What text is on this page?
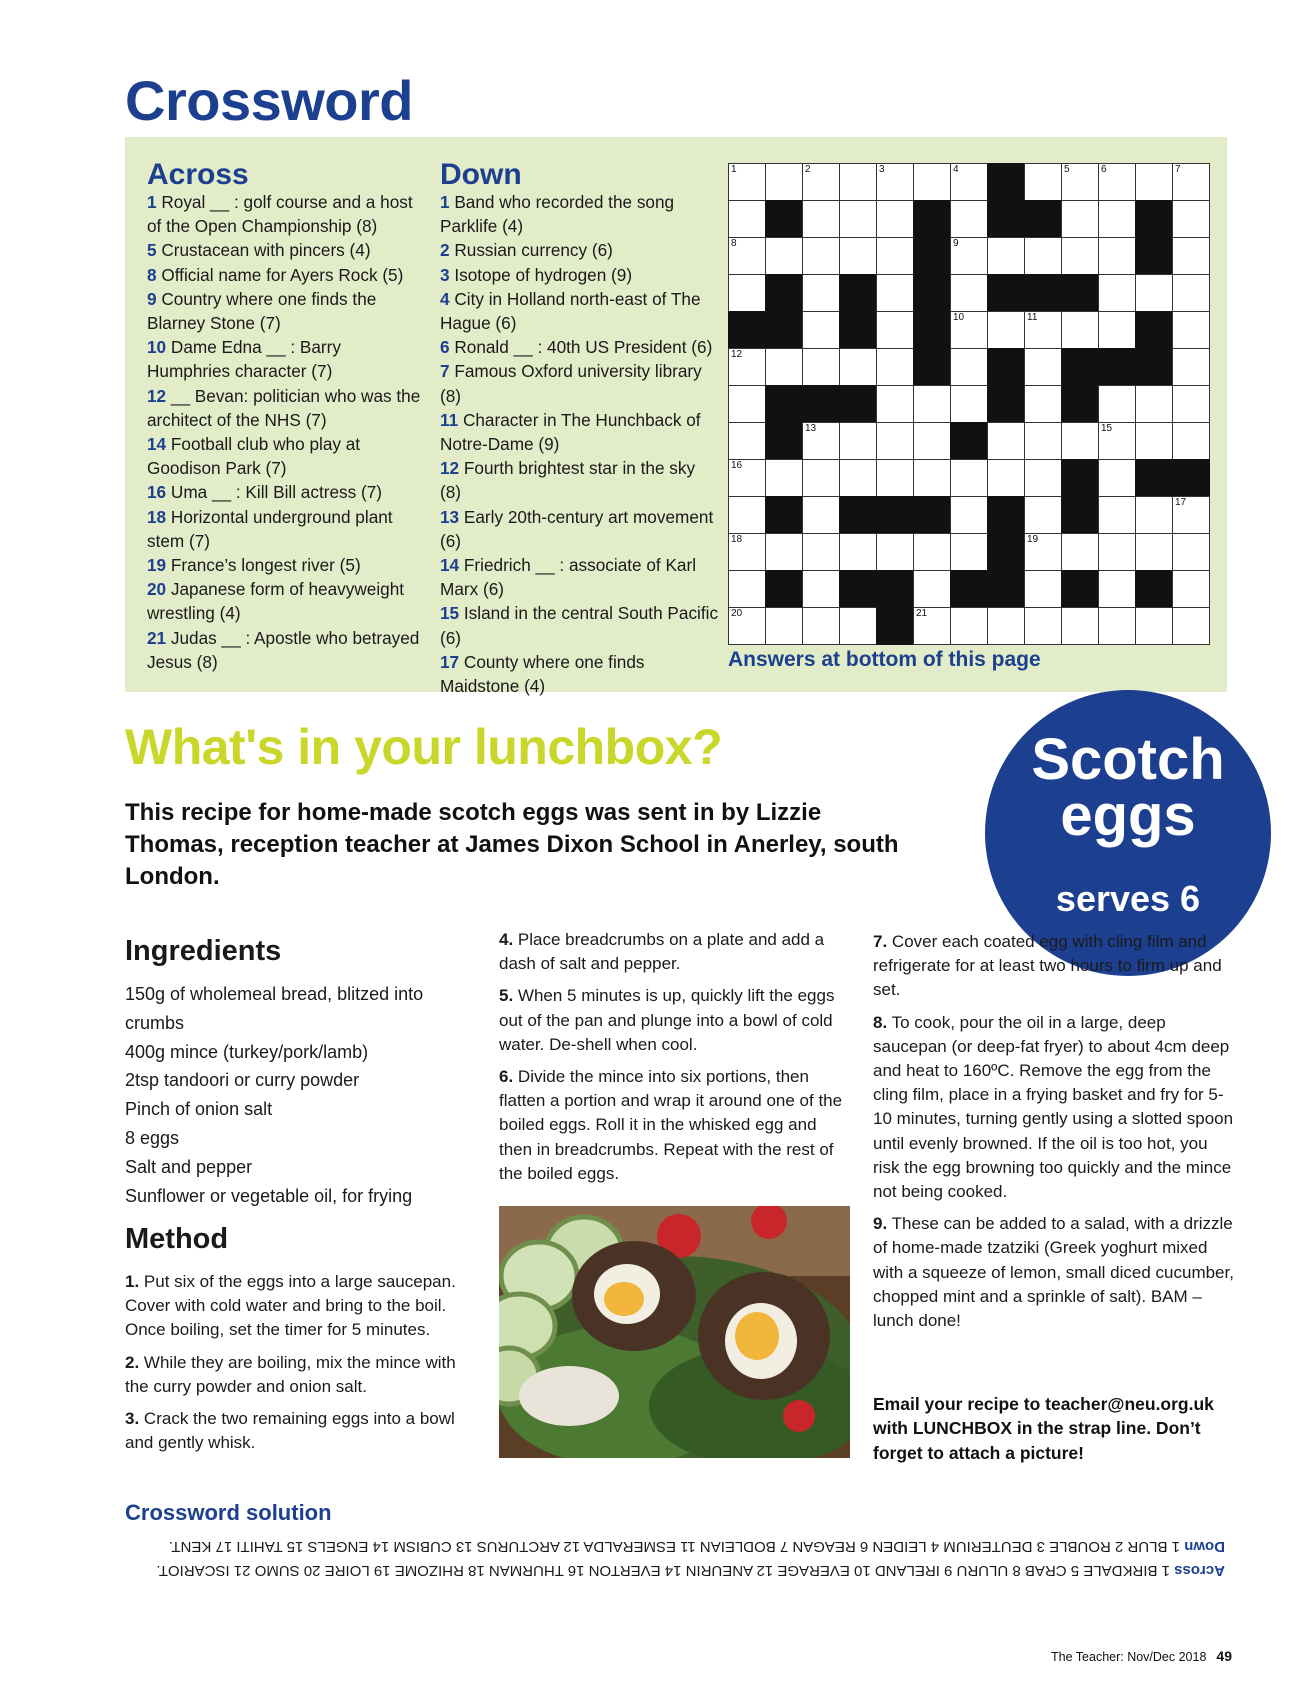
Crossword
Across
1 Royal __ : golf course and a host of the Open Championship (8)
5 Crustacean with pincers (4)
8 Official name for Ayers Rock (5)
9 Country where one finds the Blarney Stone (7)
10 Dame Edna __ : Barry Humphries character (7)
12 __ Bevan: politician who was the architect of the NHS (7)
14 Football club who play at Goodison Park (7)
16 Uma __ : Kill Bill actress (7)
18 Horizontal underground plant stem (7)
19 France’s longest river (5)
20 Japanese form of heavyweight wrestling (4)
21 Judas __ : Apostle who betrayed Jesus (8)
Down
1 Band who recorded the song Parklife (4)
2 Russian currency (6)
3 Isotope of hydrogen (9)
4 City in Holland north-east of The Hague (6)
6 Ronald __ : 40th US President (6)
7 Famous Oxford university library (8)
11 Character in The Hunchback of Notre-Dame (9)
12 Fourth brightest star in the sky (8)
13 Early 20th-century art movement (6)
14 Friedrich __ : associate of Karl Marx (6)
15 Island in the central South Pacific (6)
17 County where one finds Maidstone (4)
1	2	3	4	5	6	7
8	9
10	11
12
13	14	15
16
17
18	19
20	21
Answers at bottom of this page
What's in your lunchbox?	Scotch
eggs
serves 6
This recipe for home-made scotch eggs was sent in by Lizzie Thomas, reception teacher at James Dixon School in Anerley, south London.
Ingredients
150g of wholemeal bread, blitzed into crumbs
400g mince (turkey/pork/lamb)
2tsp tandoori or curry powder
Pinch of onion salt
8 eggs
Salt and pepper
Sunflower or vegetable oil, for frying
Method

1. Put six of the eggs into a large saucepan. Cover with cold water and bring to the boil. Once boiling, set the timer for 5 minutes.

2. While they are boiling, mix the mince with the curry powder and onion salt.

3. Crack the two remaining eggs into a bowl and gently whisk.

4. Place breadcrumbs on a plate and add a dash of salt and pepper.

5. When 5 minutes is up, quickly lift the eggs out of the pan and plunge into a bowl of cold water. De-shell when cool.

6. Divide the mince into six portions, then flatten a portion and wrap it around one of the boiled eggs. Roll it in the whisked egg and then in breadcrumbs. Repeat with the rest of the boiled eggs.

7. Cover each coated egg with cling film and refrigerate for at least two hours to firm up and set.

8. To cook, pour the oil in a large, deep saucepan (or deep-fat fryer) to about 4cm deep and heat to 160ºC. Remove the egg from the cling film, place in a frying basket and fry for 5-10 minutes, turning gently using a slotted spoon until evenly browned. If the oil is too hot, you risk the egg browning too quickly and the mince not being cooked.

9. These can be added to a salad, with a drizzle of home-made tzatziki (Greek yoghurt mixed with a squeeze of lemon, small diced cucumber, chopped mint and a sprinkle of salt). BAM – lunch done!

Email your recipe to teacher@neu.org.uk with LUNCHBOX in the strap line. Don’t forget to attach a picture!
Crossword solution
Down 1 BLUR 2 ROUBLE 3 DEUTERIUM 4 LEIDEN 6 REAGAN 7 BODLEIAN 11 ESMERALDA 12 ARCTURUS 13 CUBISM 14 ENGELS 15 TAHITI 17 KENT.
Across 1 BIRKDALE 5 CRAB 8 ULURU 9 IRELAND 10 EVERAGE 12 ANEURIN 14 EVERTON 16 THURMAN 18 RHIZOME 19 LOIRE 20 SUMO 21 ISCARIOT.
The Teacher: Nov/Dec 2018 49
